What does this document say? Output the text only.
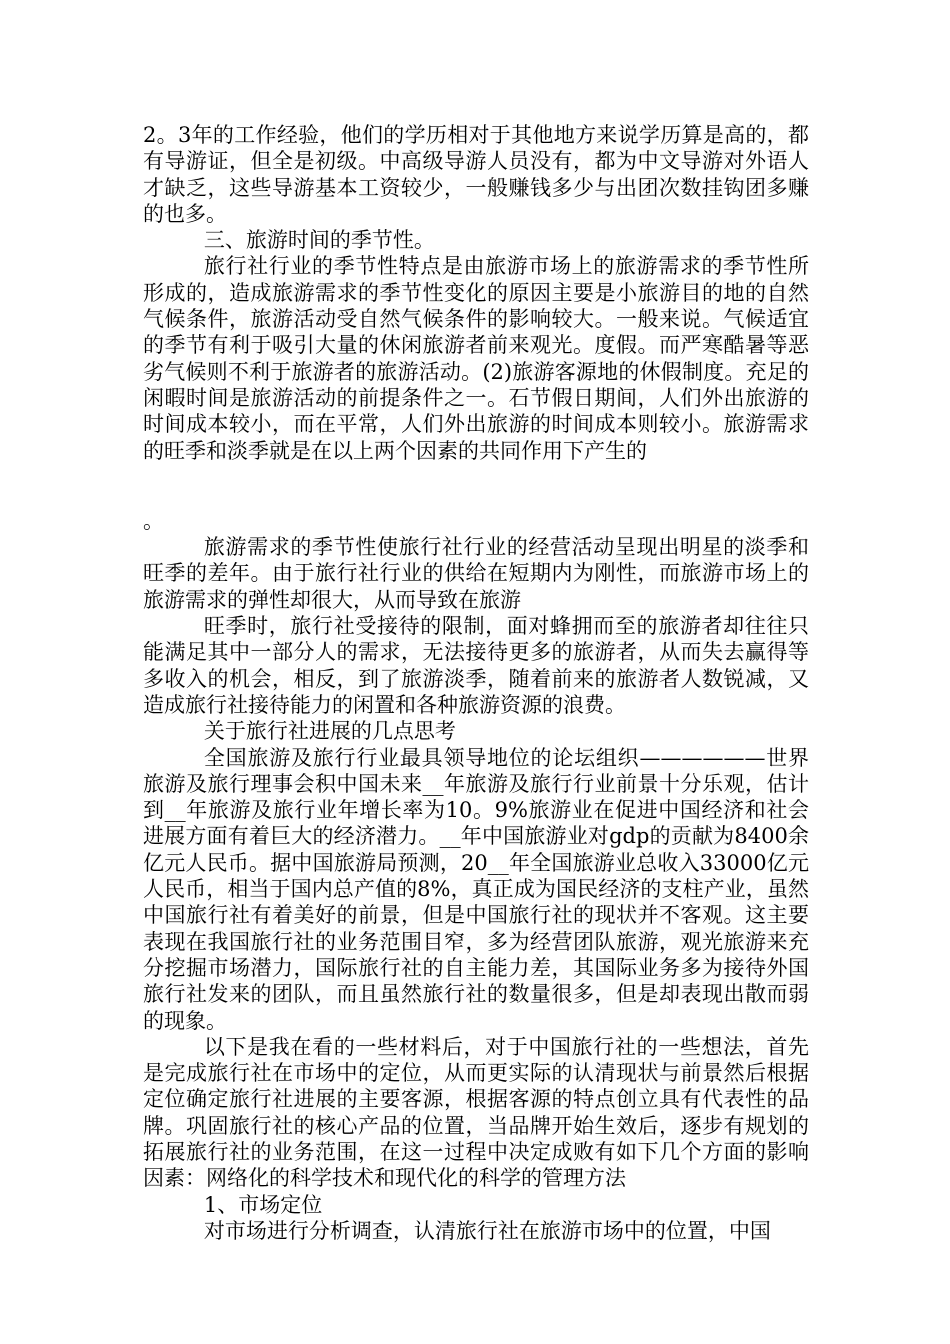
2。3年的工作经验，他们的学历相对于其他地方来说学历算是高的，都有导游证，但全是初级。中高级导游人员没有，都为中文导游对外语人才缺乏，这些导游基本工资较少，一般赚钱多少与出团次数挂钩团多赚的也多。

三、旅游时间的季节性。

旅行社行业的季节性特点是由旅游市场上的旅游需求的季节性所形成的，造成旅游需求的季节性变化的原因主要是小旅游目的地的自然气候条件，旅游活动受自然气候条件的影响较大。一般来说。气候适宜的季节有利于吸引大量的休闲旅游者前来观光。度假。而严寒酷暑等恶劣气候则不利于旅游者的旅游活动。(2)旅游客源地的休假制度。充足的闲暇时间是旅游活动的前提条件之一。石节假日期间，人们外出旅游的时间成本较小，而在平常，人们外出旅游的时间成本则较小。旅游需求的旺季和淡季就是在以上两个因素的共同作用下产生的

。

旅游需求的季节性使旅行社行业的经营活动呈现出明星的淡季和旺季的差年。由于旅行社行业的供给在短期内为刚性，而旅游市场上的旅游需求的弹性却很大，从而导致在旅游

旺季时，旅行社受接待的限制，面对蜂拥而至的旅游者却往往只能满足其中一部分人的需求，无法接待更多的旅游者，从而失去赢得等多收入的机会，相反，到了旅游淡季，随着前来的旅游者人数锐减，又造成旅行社接待能力的闲置和各种旅游资源的浪费。

关于旅行社进展的几点思考

全国旅游及旅行行业最具领导地位的论坛组织——————世界旅游及旅行理事会积中国未来__年旅游及旅行行业前景十分乐观，估计到__年旅游及旅行业年增长率为10。9%旅游业在促进中国经济和社会进展方面有着巨大的经济潜力。__年中国旅游业对gdp的贡献为8400余亿元人民币。据中国旅游局预测，20__年全国旅游业总收入33000亿元人民币，相当于国内总产值的8%，真正成为国民经济的支柱产业，虽然中国旅行社有着美好的前景，但是中国旅行社的现状并不客观。这主要表现在我国旅行社的业务范围目窄，多为经营团队旅游，观光旅游来充分挖掘市场潜力，国际旅行社的自主能力差，其国际业务多为接待外国旅行社发来的团队，而且虽然旅行社的数量很多，但是却表现出散而弱的现象。

以下是我在看的一些材料后，对于中国旅行社的一些想法，首先是完成旅行社在市场中的定位，从而更实际的认清现状与前景然后根据定位确定旅行社进展的主要客源，根据客源的特点创立具有代表性的品牌。巩固旅行社的核心产品的位置，当品牌开始生效后，逐步有规划的拓展旅行社的业务范围，在这一过程中决定成败有如下几个方面的影响因素：网络化的科学技术和现代化的科学的管理方法

1、市场定位

对市场进行分析调查，认清旅行社在旅游市场中的位置，中国
